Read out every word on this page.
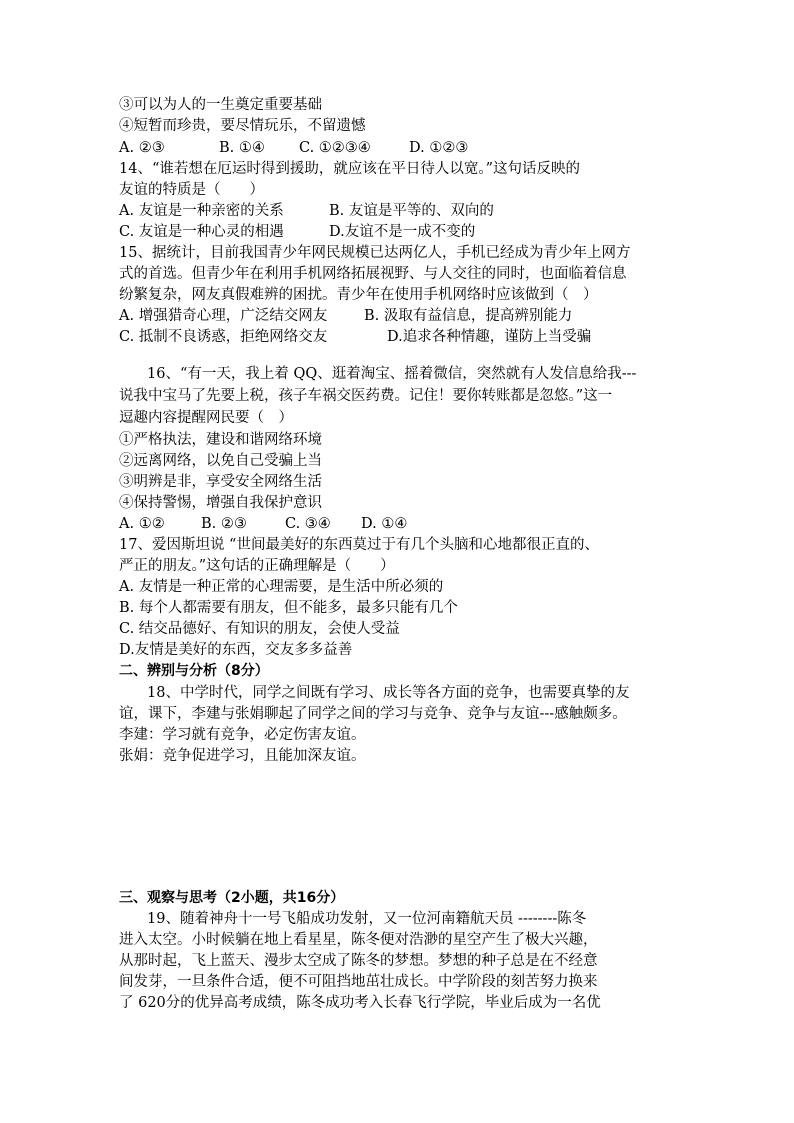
③可以为人的一生奠定重要基础
④短暂而珍贵，要尽情玩乐，不留遗憾
A. ②③	B. ①④ C. ①②③④	D. ①②③
14、“谁若想在厄运时得到援助，就应该在平日待人以宽。”这句话反映的
友谊的特质是（　　）
A. 友谊是一种亲密的关系	B. 友谊是平等的、双向的
C. 友谊是一种心灵的相遇	D.友谊不是一成不变的
15、据统计，目前我国青少年网民规模已达两亿人，手机已经成为青少年上网方
式的首选。但青少年在利用手机网络拓展视野、与人交往的同时，也面临着信息
纷繁复杂，网友真假难辨的困扰。青少年在使用手机网络时应该做到（　）
A. 增强猎奇心理，广泛结交网友	B. 汲取有益信息，提高辨别能力
C. 抵制不良诱惑，拒绝网络交友	D.追求各种情趣，谨防上当受骗
16、“有一天，我上着 QQ、逛着淘宝、摇着微信，突然就有人发信息给我---
说我中宝马了先要上税，孩子车祸交医药费。记住！要你转账都是忽悠。”这一
逗趣内容提醒网民要（　）
①严格执法，建设和谐网络环境
②远离网络，以免自己受骗上当
③明辨是非，享受安全网络生活
④保持警惕，增强自我保护意识
A. ①②	B. ②③	C. ③④ D. ①④
17、爱因斯坦说 “世间最美好的东西莫过于有几个头脑和心地都很正直的、
严正的朋友。”这句话的正确理解是（　　）
A. 友情是一种正常的心理需要，是生活中所必须的
B. 每个人都需要有朋友，但不能多，最多只能有几个
C. 结交品德好、有知识的朋友，会使人受益
D.友情是美好的东西，交友多多益善
二、辨别与分析（8分）
18、中学时代，同学之间既有学习、成长等各方面的竞争，也需要真挚的友
谊，课下，李建与张娟聊起了同学之间的学习与竞争、竞争与友谊---感触颇多。
李建：学习就有竞争，必定伤害友谊。
张娟：竞争促进学习，且能加深友谊。
三、观察与思考（2小题，共16分）
19、随着神舟十一号飞船成功发射，又一位河南籍航天员 --------陈冬
进入太空。小时候躺在地上看星星，陈冬便对浩渺的星空产生了极大兴趣，
从那时起，飞上蓝天、漫步太空成了陈冬的梦想。梦想的种子总是在不经意
间发芽，一旦条件合适，便不可阻挡地茁壮成长。中学阶段的刻苦努力换来
了 620分的优异高考成绩，陈冬成功考入长春飞行学院，毕业后成为一名优
